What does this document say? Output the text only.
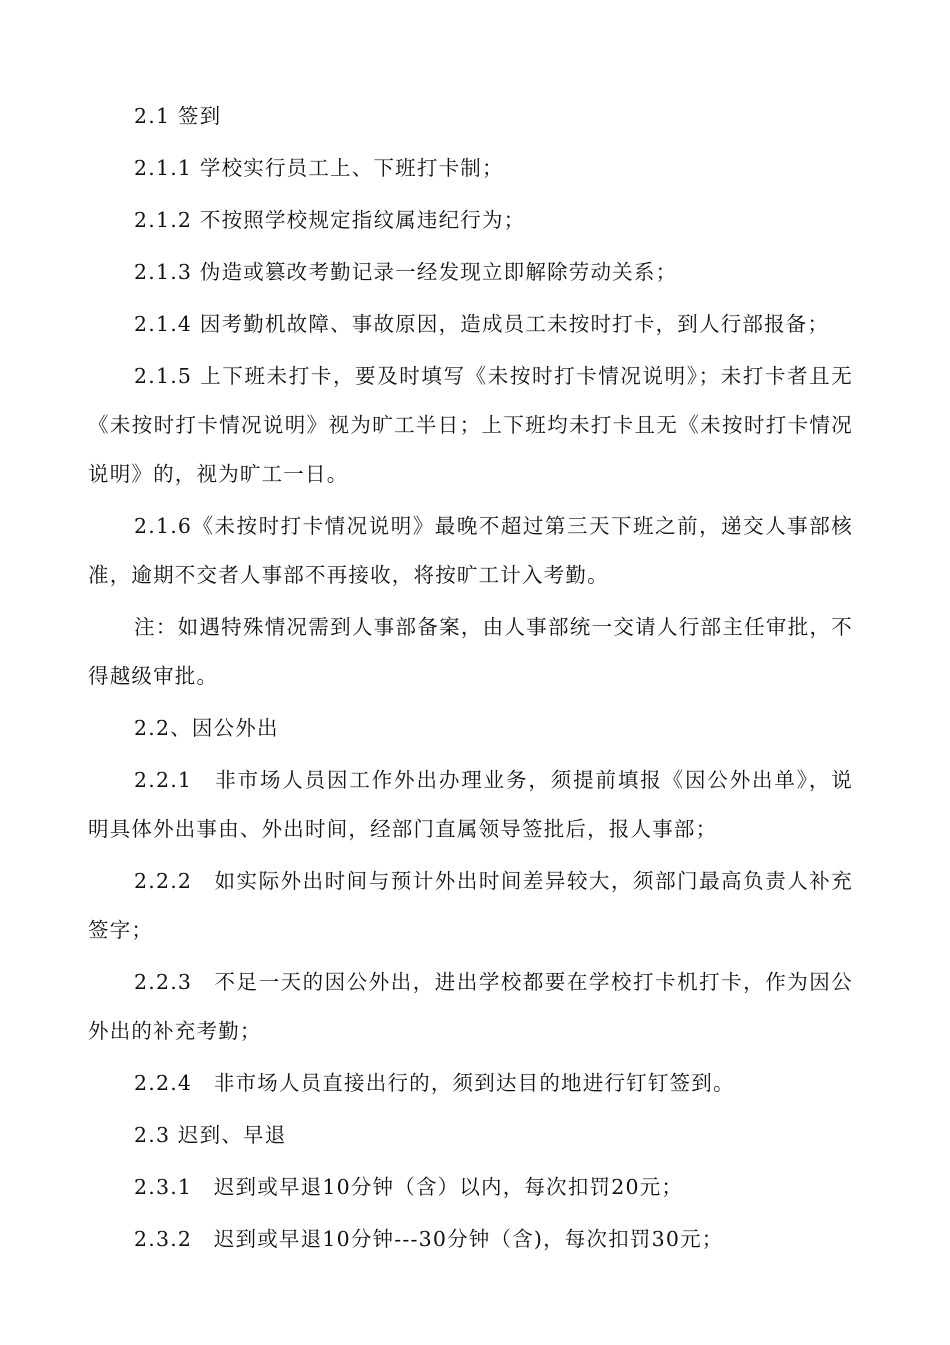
2.1 签到

2.1.1 学校实行员工上、下班打卡制；

2.1.2 不按照学校规定指纹属违纪行为；

2.1.3 伪造或篡改考勤记录一经发现立即解除劳动关系；

2.1.4 因考勤机故障、事故原因，造成员工未按时打卡，到人行部报备；

2.1.5 上下班未打卡，要及时填写《未按时打卡情况说明》；未打卡者且无《未按时打卡情况说明》视为旷工半日；上下班均未打卡且无《未按时打卡情况说明》的，视为旷工一日。

2.1.6《未按时打卡情况说明》最晚不超过第三天下班之前，递交人事部核准，逾期不交者人事部不再接收，将按旷工计入考勤。

注：如遇特殊情况需到人事部备案，由人事部统一交请人行部主任审批，不得越级审批。

2.2、因公外出

2.2.1　非市场人员因工作外出办理业务，须提前填报《因公外出单》，说明具体外出事由、外出时间，经部门直属领导签批后，报人事部；

2.2.2　如实际外出时间与预计外出时间差异较大，须部门最高负责人补充签字；

2.2.3　不足一天的因公外出，进出学校都要在学校打卡机打卡，作为因公外出的补充考勤；

2.2.4　非市场人员直接出行的，须到达目的地进行钉钉签到。

2.3 迟到、早退

2.3.1　迟到或早退10分钟（含）以内，每次扣罚20元；

2.3.2　迟到或早退10分钟---30分钟（含)，每次扣罚30元；
